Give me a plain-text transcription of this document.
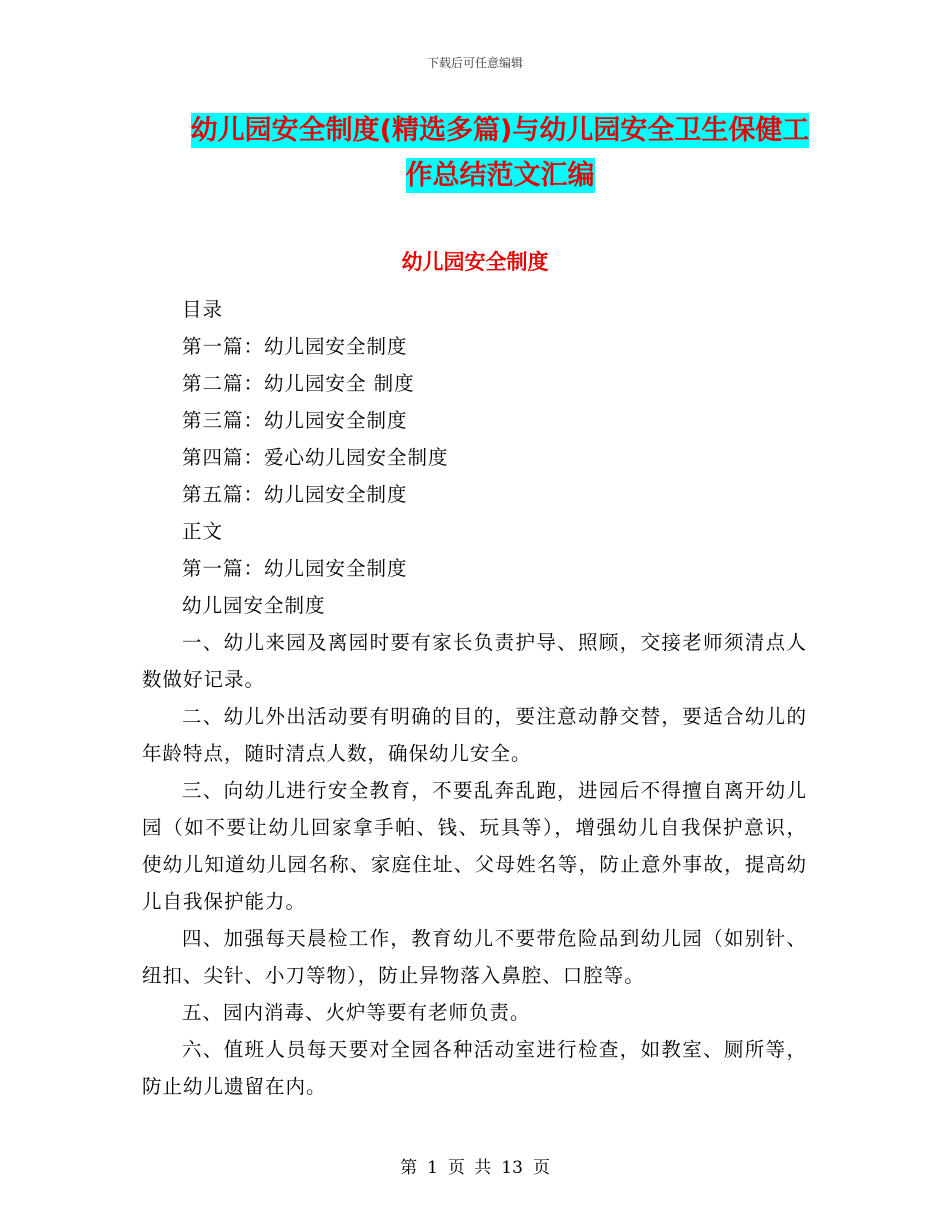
下载后可任意编辑
幼儿园安全制度(精选多篇)与幼儿园安全卫生保健工
作总结范文汇编
幼儿园安全制度

目录

第一篇：幼儿园安全制度

第二篇：幼儿园安全 制度

第三篇：幼儿园安全制度

第四篇：爱心幼儿园安全制度

第五篇：幼儿园安全制度

正文

第一篇：幼儿园安全制度

幼儿园安全制度

一、幼儿来园及离园时要有家长负责护导、照顾，交接老师须清点人数做好记录。

二、幼儿外出活动要有明确的目的，要注意动静交替，要适合幼儿的年龄特点，随时清点人数，确保幼儿安全。

三、向幼儿进行安全教育，不要乱奔乱跑，进园后不得擅自离开幼儿园（如不要让幼儿回家拿手帕、钱、玩具等），增强幼儿自我保护意识，使幼儿知道幼儿园名称、家庭住址、父母姓名等，防止意外事故，提高幼儿自我保护能力。

四、加强每天晨检工作，教育幼儿不要带危险品到幼儿园（如别针、纽扣、尖针、小刀等物），防止异物落入鼻腔、口腔等。

五、园内消毒、火炉等要有老师负责。

六、值班人员每天要对全园各种活动室进行检查，如教室、厕所等，防止幼儿遗留在内。

第 1 页 共 13 页
